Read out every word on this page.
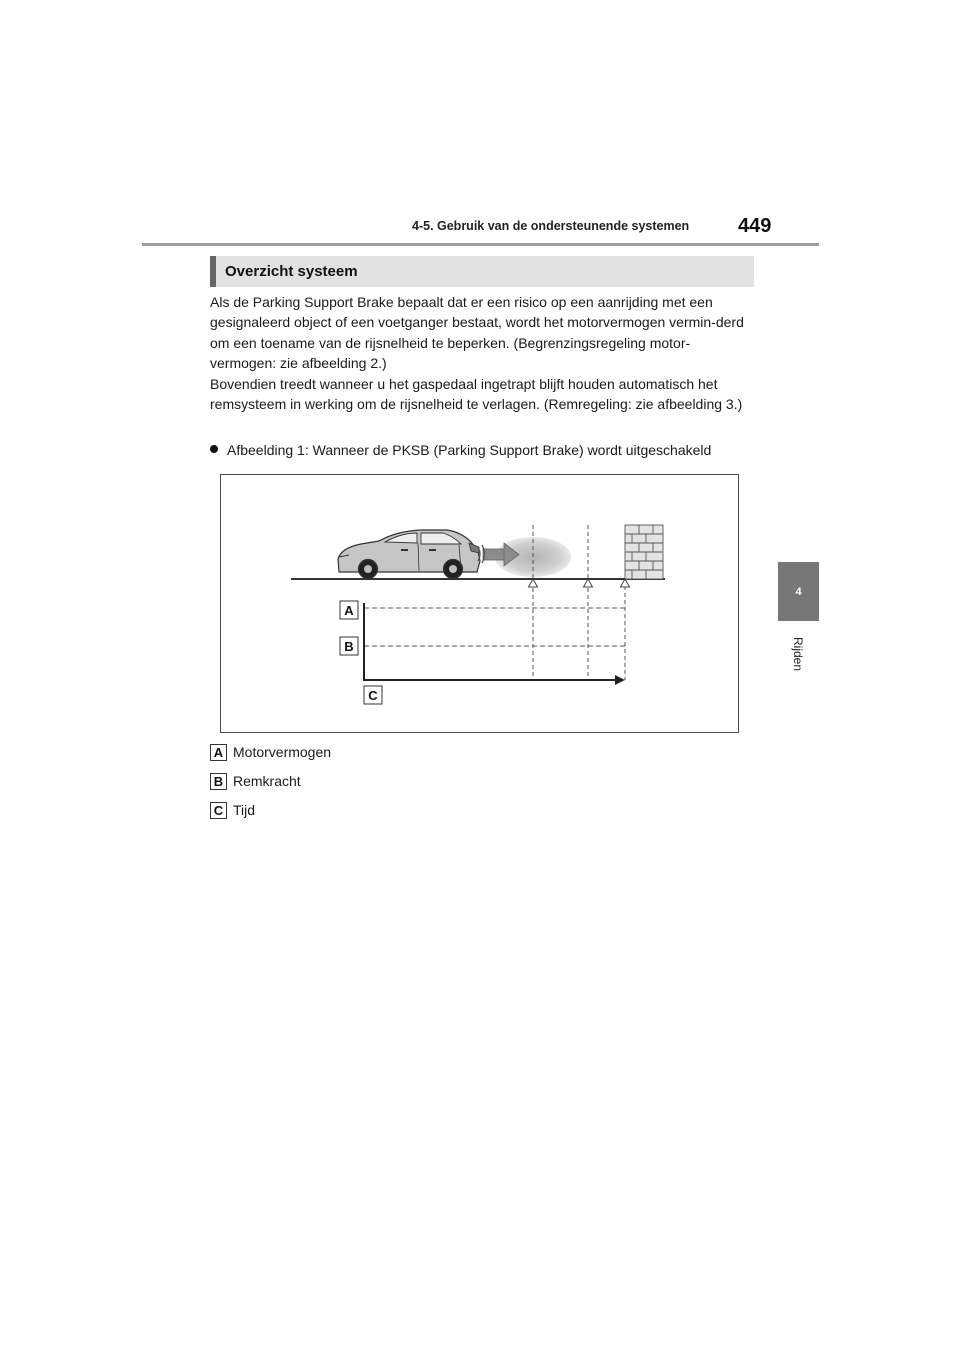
4-5. Gebruik van de ondersteunende systemen 449
4
Rijden
Overzicht systeem
Als de Parking Support Brake bepaalt dat er een risico op een aanrijding met een gesignaleerd object of een voetganger bestaat, wordt het motorvermogen vermin-derd om een toename van de rijsnelheid te beperken. (Begrenzingsregeling motor-vermogen: zie afbeelding 2.)
Bovendien treedt wanneer u het gaspedaal ingetrapt blijft houden automatisch het remsysteem in werking om de rijsnelheid te verlagen. (Remregeling: zie afbeelding 3.)
Afbeelding 1: Wanneer de PKSB (Parking Support Brake) wordt uitgeschakeld
A
B
C
A Motorvermogen
B Remkracht
C Tijd
